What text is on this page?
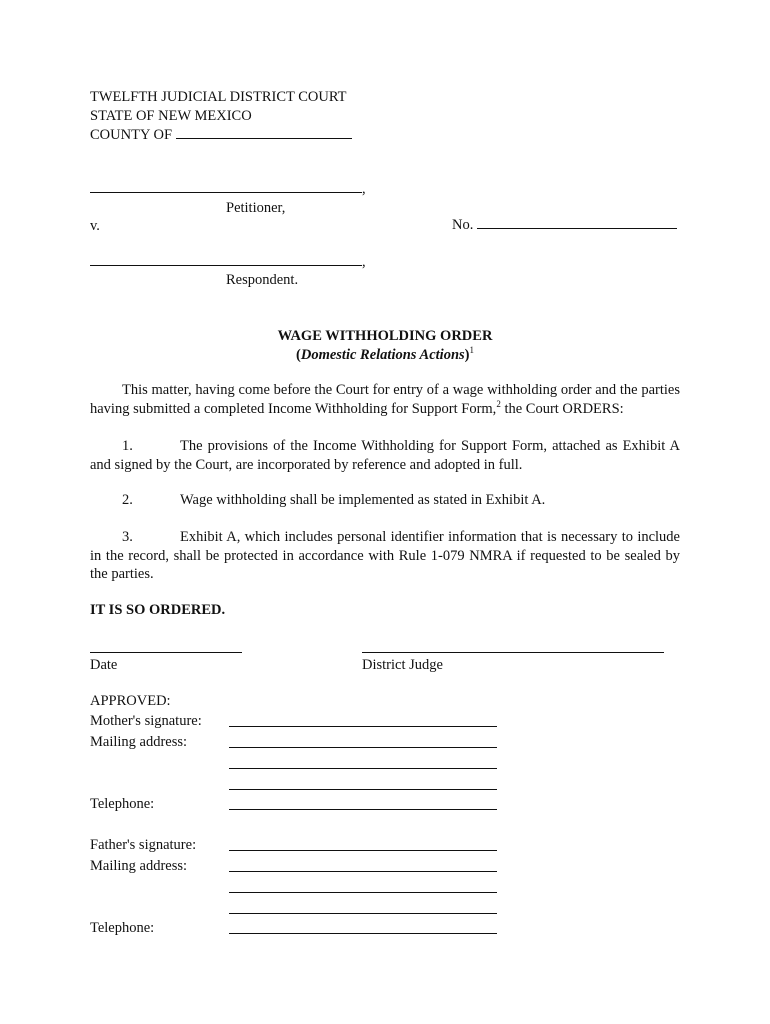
TWELFTH JUDICIAL DISTRICT COURT
STATE OF NEW MEXICO
COUNTY OF
,
Petitioner,
v.	No.
,
Respondent.
WAGE WITHHOLDING ORDER
(Domestic Relations Actions)$^1$
This matter, having come before the Court for entry of a wage withholding order and the parties having submitted a completed Income Withholding for Support Form,$^2$ the Court ORDERS:
1.	The provisions of the Income Withholding for Support Form, attached as Exhibit A and signed by the Court, are incorporated by reference and adopted in full.
2.	Wage withholding shall be implemented as stated in Exhibit A.
3.	Exhibit A, which includes personal identifier information that is necessary to include in the record, shall be protected in accordance with Rule 1-079 NMRA if requested to be sealed by the parties.
IT IS SO ORDERED.
Date	District Judge
APPROVED:
Mother's signature:
Mailing address:
Telephone:
Father's signature:
Mailing address:
Telephone:
